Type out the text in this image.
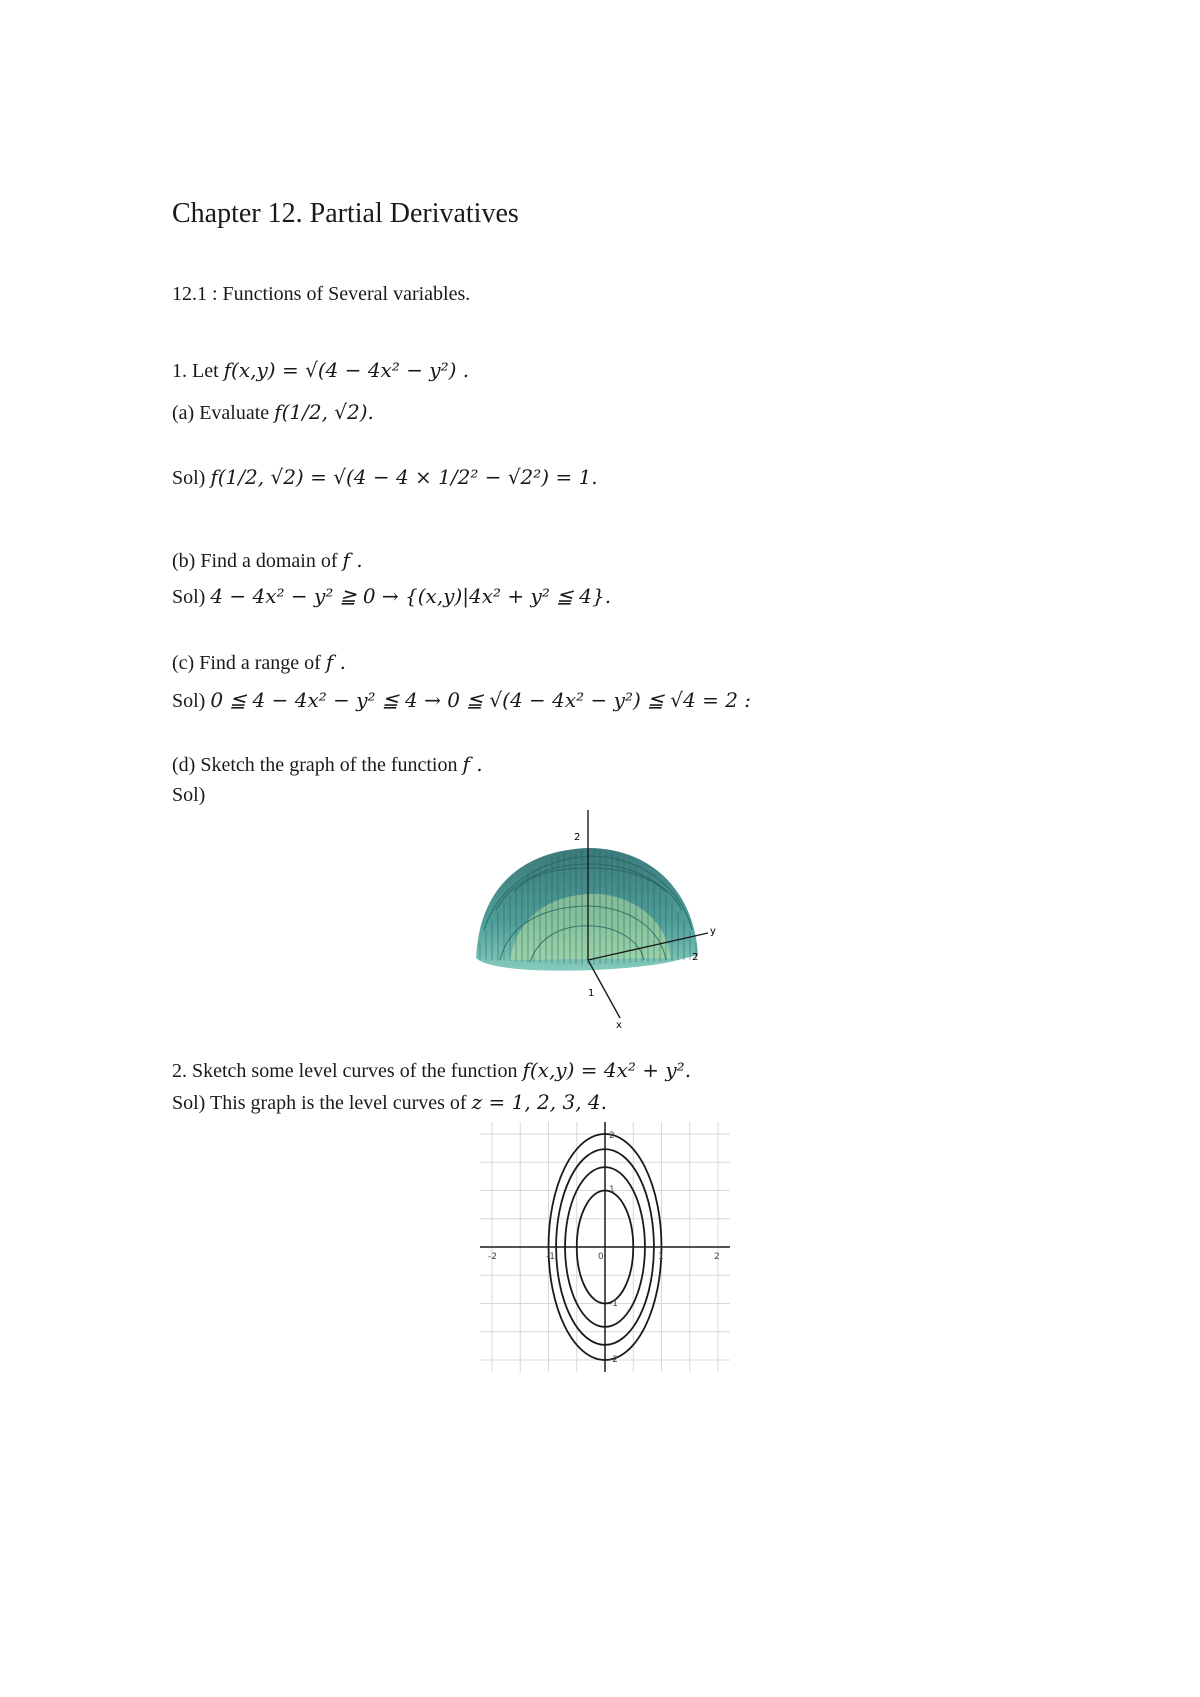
Chapter 12. Partial Derivatives
12.1 : Functions of Several variables.
1. Let f(x,y) = √(4 − 4x² − y²) .
(a) Evaluate f(1/2, √2).
Sol) f(1/2, √2) = √(4 − 4 × 1/2² − √2²) = 1.
(b) Find a domain of f .
Sol) 4 − 4x² − y² ≧ 0 → {(x,y)|4x² + y² ≦ 4}.
(c) Find a range of f .
Sol) 0 ≦ 4 − 4x² − y² ≦ 4 → 0 ≦ √(4 − 4x² − y²) ≦ √4 = 2 :
(d) Sketch the graph of the function f .
Sol)
2
y
2
1
x
2. Sketch some level curves of the function f(x,y) = 4x² + y².
Sol) This graph is the level curves of z = 1, 2, 3, 4.
-2	-1	0	1	2
2
1
-1
-2
